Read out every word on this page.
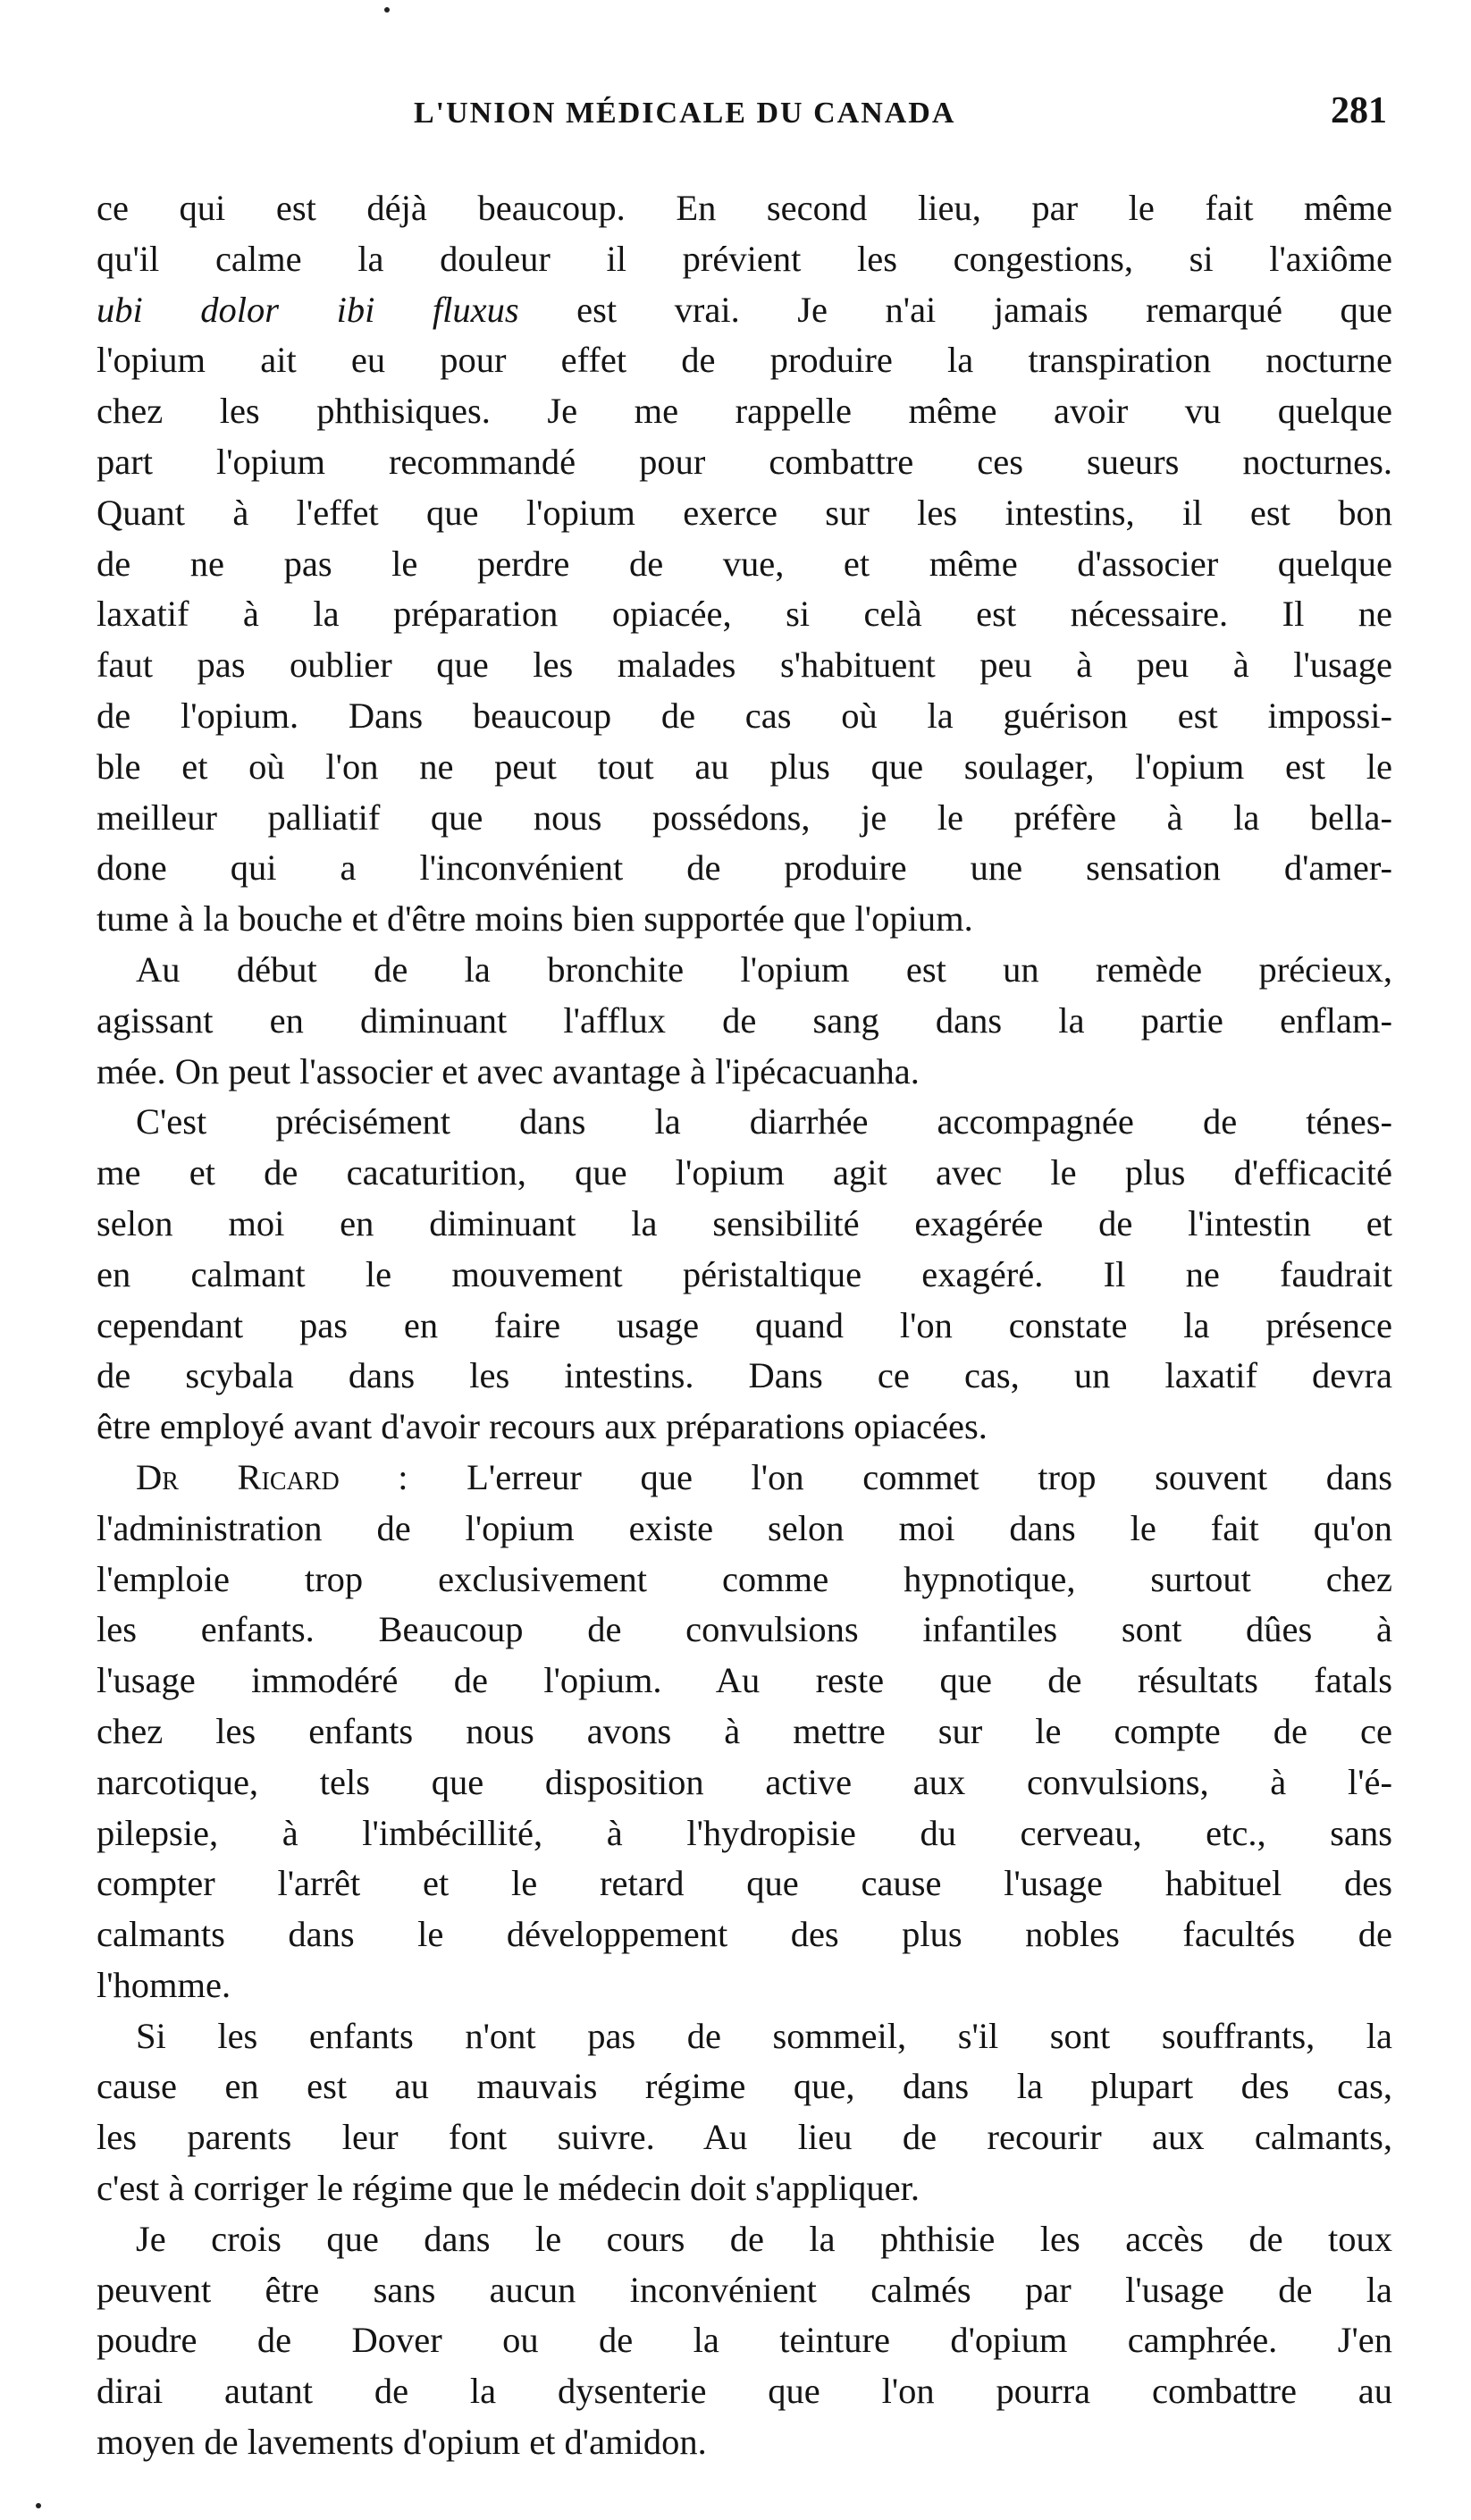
L'UNION MÉDICALE DU CANADA	281
ce qui est déjà beaucoup. En second lieu, par le fait même
qu'il calme la douleur il prévient les congestions, si l'axiôme
ubi dolor ibi fluxus est vrai. Je n'ai jamais remarqué que
l'opium ait eu pour effet de produire la transpiration nocturne
chez les phthisiques. Je me rappelle même avoir vu quelque
part l'opium recommandé pour combattre ces sueurs nocturnes.
Quant à l'effet que l'opium exerce sur les intestins, il est bon
de ne pas le perdre de vue, et même d'associer quelque
laxatif à la préparation opiacée, si celà est nécessaire. Il ne
faut pas oublier que les malades s'habituent peu à peu à l'usage
de l'opium. Dans beaucoup de cas où la guérison est impossi-
ble et où l'on ne peut tout au plus que soulager, l'opium est le
meilleur palliatif que nous possédons, je le préfère à la bella-
done qui a l'inconvénient de produire une sensation d'amer-
tume à la bouche et d'être moins bien supportée que l'opium.
Au début de la bronchite l'opium est un remède précieux,
agissant en diminuant l'afflux de sang dans la partie enflam-
mée. On peut l'associer et avec avantage à l'ipécacuanha.
C'est précisément dans la diarrhée accompagnée de ténes-
me et de cacaturition, que l'opium agit avec le plus d'efficacité
selon moi en diminuant la sensibilité exagérée de l'intestin et
en calmant le mouvement péristaltique exagéré. Il ne faudrait
cependant pas en faire usage quand l'on constate la présence
de scybala dans les intestins. Dans ce cas, un laxatif devra
être employé avant d'avoir recours aux préparations opiacées.
Dr Ricard : L'erreur que l'on commet trop souvent dans
l'administration de l'opium existe selon moi dans le fait qu'on
l'emploie trop exclusivement comme hypnotique, surtout chez
les enfants. Beaucoup de convulsions infantiles sont dûes à
l'usage immodéré de l'opium. Au reste que de résultats fatals
chez les enfants nous avons à mettre sur le compte de ce
narcotique, tels que disposition active aux convulsions, à l'é-
pilepsie, à l'imbécillité, à l'hydropisie du cerveau, etc., sans
compter l'arrêt et le retard que cause l'usage habituel des
calmants dans le développement des plus nobles facultés de
l'homme.
Si les enfants n'ont pas de sommeil, s'il sont souffrants, la
cause en est au mauvais régime que, dans la plupart des cas,
les parents leur font suivre. Au lieu de recourir aux calmants,
c'est à corriger le régime que le médecin doit s'appliquer.
Je crois que dans le cours de la phthisie les accès de toux
peuvent être sans aucun inconvénient calmés par l'usage de la
poudre de Dover ou de la teinture d'opium camphrée. J'en
dirai autant de la dysenterie que l'on pourra combattre au
moyen de lavements d'opium et d'amidon.
